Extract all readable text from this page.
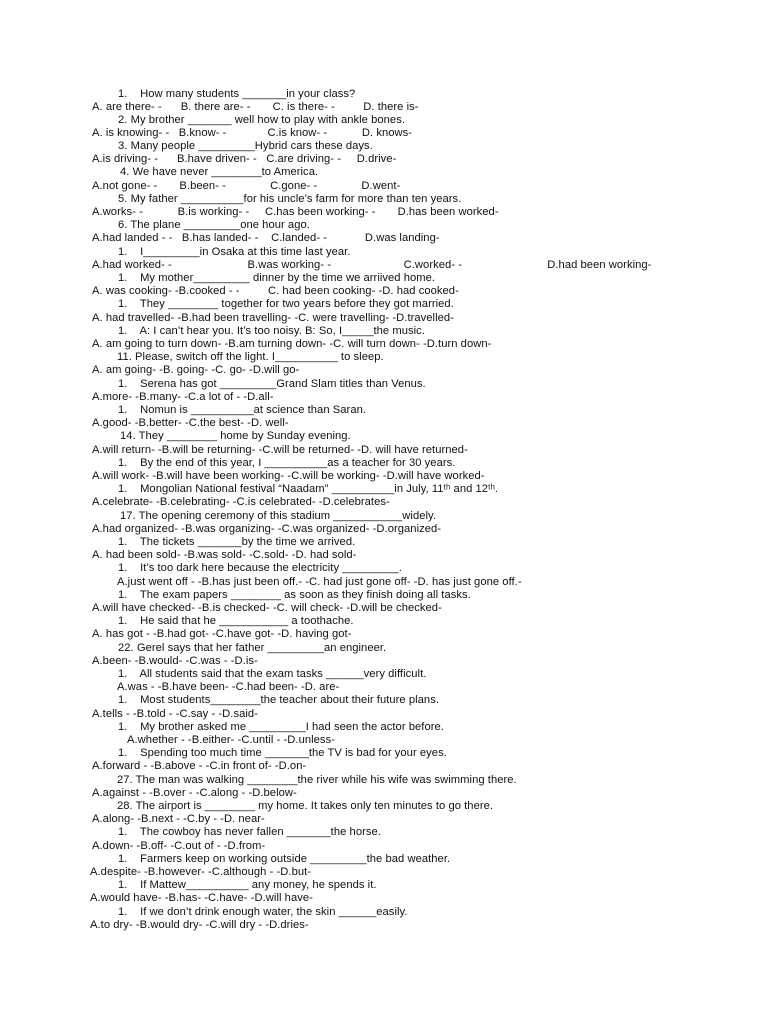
1.    How many students _______in your class?
A. are there- -      B. there are- -       C. is there- -         D. there is-
2. My brother _______ well how to play with ankle bones.
A. is knowing- -   B.know- -             C.is know- -           D. knows-
3. Many people _________Hybrid cars these days.
A.is driving- -      B.have driven- -   C.are driving- -     D.drive-
4. We have never ________to America.
A.not gone- -       B.been- -              C.gone- -              D.went-
5. My father __________for his uncle’s farm for more than ten years.
A.works- -           B.is working- -     C.has been working- -       D.has been worked-
6. The plane _________one hour ago.
A.had landed - -   B.has landed- -    C.landed- -            D.was landing-
1.    I_________in Osaka at this time last year.
A.had worked- -                        B.was working- -                       C.worked- -                           D.had been working-
1.    My mother_________ dinner by the time we arriived home.
A. was cooking- -B.cooked - -         C. had been cooking- -D. had cooked-
1.    They ________ together for two years before they got married.
A. had travelled- -B.had been travelling- -C. were travelling- -D.travelled-
1.    A: I can’t hear you. It’s too noisy. B: So, I_____the music.
A. am going to turn down- -B.am turning down- -C. will turn down- -D.turn down-
11. Please, switch off the light. I__________ to sleep.
A. am going- -B. going- -C. go- -D.will go-
1.    Serena has got _________Grand Slam titles than Venus.
A.more- -B.many- -C.a lot of - -D.all-
1.    Nomun is __________at science than Saran.
A.good- -B.better- -C.the best- -D. well-
14. They ________ home by Sunday evening.
A.will return- -B.will be returning- -C.will be returned- -D. will have returned-
1.    By the end of this year, I __________as a teacher for 30 years.
A.will work- -B.will have been working- -C.will be working- -D.will have worked-
1.    Mongolian National festival “Naadam” __________in July, 11ᵗʰ and 12ᵗʰ.
A.celebrate- -B.celebrating- -C.is celebrated- -D.celebrates-
17. The opening ceremony of this stadium ___________widely.
A.had organized- -B.was organizing- -C.was organized- -D.organized-
1.    The tickets _______by the time we arrived.
A. had been sold- -B.was sold- -C.sold- -D. had sold-
1.    It’s too dark here because the electricity _________.
A.just went off - -B.has just been off.- -C. had just gone off- -D. has just gone off.-
1.    The exam papers ________ as soon as they finish doing all tasks.
A.will have checked- -B.is checked- -C. will check- -D.will be checked-
1.    He said that he ___________ a toothache.
A. has got - -B.had got- -C.have got- -D. having got-
22. Gerel says that her father _________an engineer.
A.been- -B.would- -C.was - -D.is-
1.    All students said that the exam tasks ______very difficult.
A.was - -B.have been- -C.had been- -D. are-
1.    Most students________the teacher about their future plans.
A.tells - -B.told - -C.say - -D.said-
1.    My brother asked me _________I had seen the actor before.
A.whether - -B.either- -C.until - -D.unless-
1.    Spending too much time _______the TV is bad for your eyes.
A.forward - -B.above - -C.in front of- -D.on-
27. The man was walking ________the river while his wife was swimming there.
A.against - -B.over - -C.along - -D.below-
28. The airport is ________ my home. It takes only ten minutes to go there.
A.along- -B.next - -C.by - -D. near-
1.    The cowboy has never fallen _______the horse.
A.down- -B.off- -C.out of - -D.from-
1.    Farmers keep on working outside _________the bad weather.
A.despite- -B.however- -C.although - -D.but-
1.    If Mattew__________ any money, he spends it.
A.would have- -B.has- -C.have- -D.will have-
1.    If we don’t drink enough water, the skin ______easily.
A.to dry- -B.would dry- -C.will dry - -D.dries-
